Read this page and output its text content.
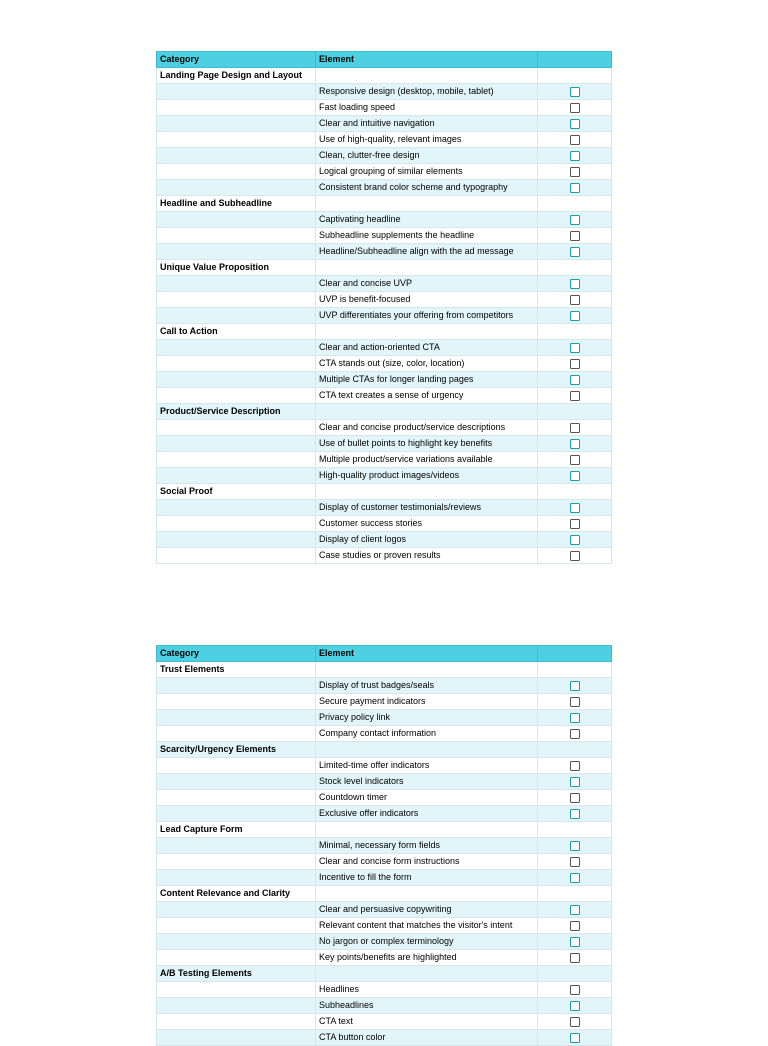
Category	Element	
Landing Page Design and Layout		
	Responsive design (desktop, mobile, tablet)	
	Fast loading speed	
	Clear and intuitive navigation	
	Use of high-quality, relevant images	
	Clean, clutter-free design	
	Logical grouping of similar elements	
	Consistent brand color scheme and typography	
Headline and Subheadline		
	Captivating headline	
	Subheadline supplements the headline	
	Headline/Subheadline align with the ad message	
Unique Value Proposition		
	Clear and concise UVP	
	UVP is benefit-focused	
	UVP differentiates your offering from competitors	
Call to Action		
	Clear and action-oriented CTA	
	CTA stands out (size, color, location)	
	Multiple CTAs for longer landing pages	
	CTA text creates a sense of urgency	
Product/Service Description		
	Clear and concise product/service descriptions	
	Use of bullet points to highlight key benefits	
	Multiple product/service variations available	
	High-quality product images/videos	
Social Proof		
	Display of customer testimonials/reviews	
	Customer success stories	
	Display of client logos	
	Case studies or proven results	
Category	Element	
Trust Elements		
	Display of trust badges/seals	
	Secure payment indicators	
	Privacy policy link	
	Company contact information	
Scarcity/Urgency Elements		
	Limited-time offer indicators	
	Stock level indicators	
	Countdown timer	
	Exclusive offer indicators	
Lead Capture Form		
	Minimal, necessary form fields	
	Clear and concise form instructions	
	Incentive to fill the form	
Content Relevance and Clarity		
	Clear and persuasive copywriting	
	Relevant content that matches the visitor's intent	
	No jargon or complex terminology	
	Key points/benefits are highlighted	
A/B Testing Elements		
	Headlines	
	Subheadlines	
	CTA text	
	CTA button color	
